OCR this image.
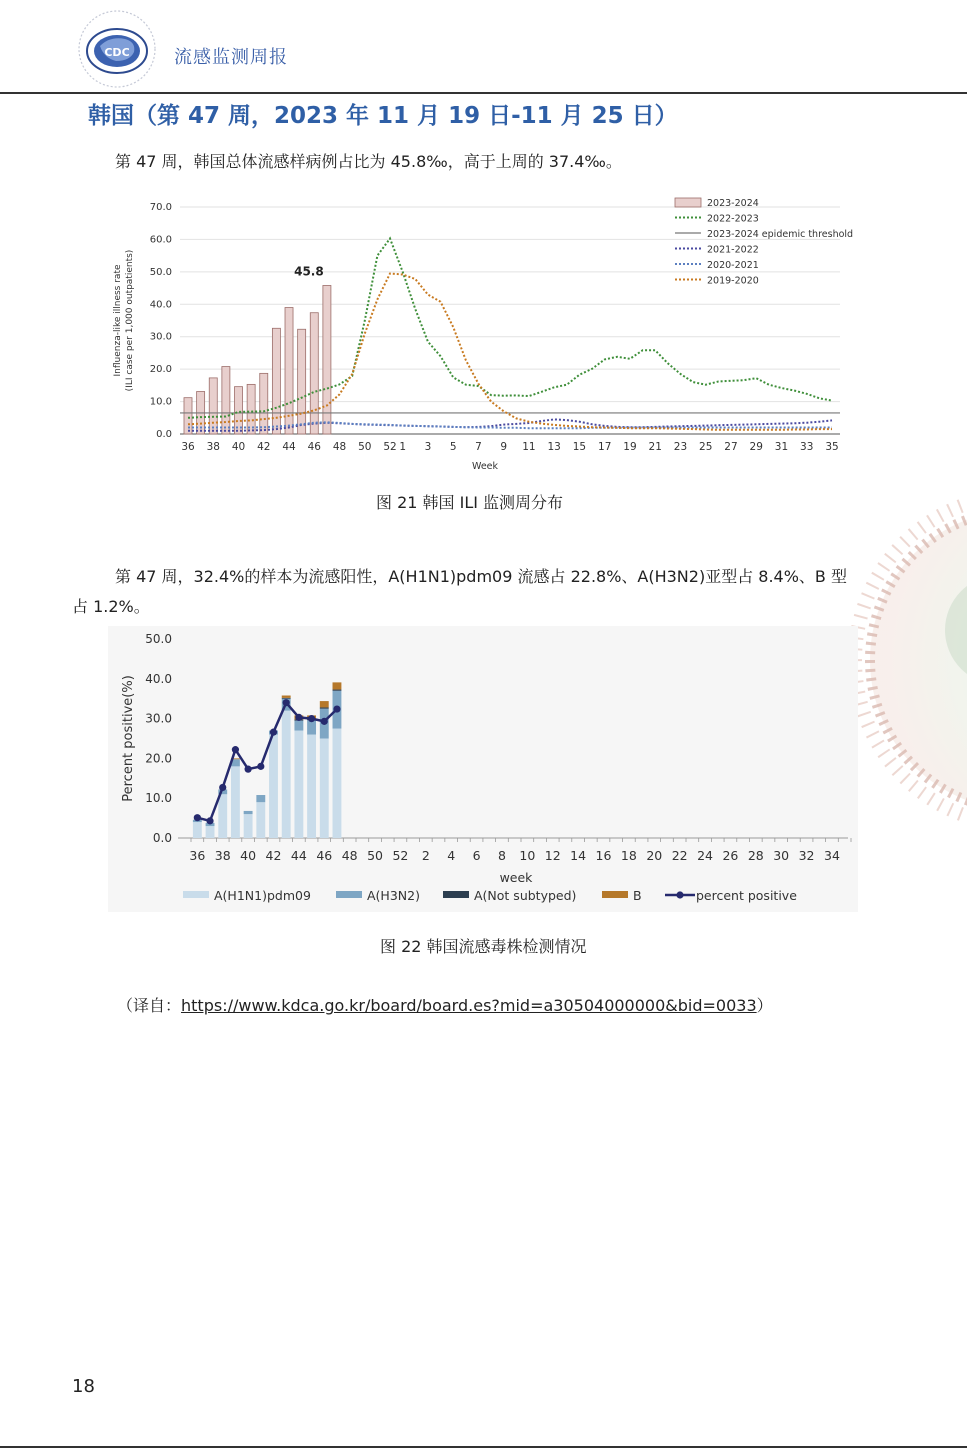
CDC 流感监测周报
韩国（第 47 周，2023 年 11 月 19 日-11 月 25 日）
第 47 周，韩国总体流感样病例占比为 45.8‰，高于上周的 37.4‰。
0.0
10.0
20.0
30.0
40.0
50.0
60.0
70.0
45.8
36 38 40 42 44 46 48 50 52 1 3 5 7 9 11 13 15 17 19 21 23 25 27 29 31 33 35
Week
Influenza-like illness rate (ILI case per 1,000 outpatients)
2023-2024
2022-2023
2023-2024 epidemic threshold
2021-2022
2020-2021
2019-2020
图 21 韩国 ILI 监测周分布
第 47 周，32.4%的样本为流感阳性，A(H1N1)pdm09 流感占 22.8%、A(H3N2)亚型占 8.4%、B 型
占 1.2%。
0.0
10.0
20.0
30.0
40.0
50.0
36 38 40 42 44 46 48 50 52 2 4 6 8 10 12 14 16 18 20 22 24 26 28 30 32 34
week
Percent positive(%)
A(H1N1)pdm09	A(H3N2)	A(Not subtyped)	B	percent positive
图 22 韩国流感毒株检测情况
（译自：https://www.kdca.go.kr/board/board.es?mid=a30504000000&bid=0033）
18
